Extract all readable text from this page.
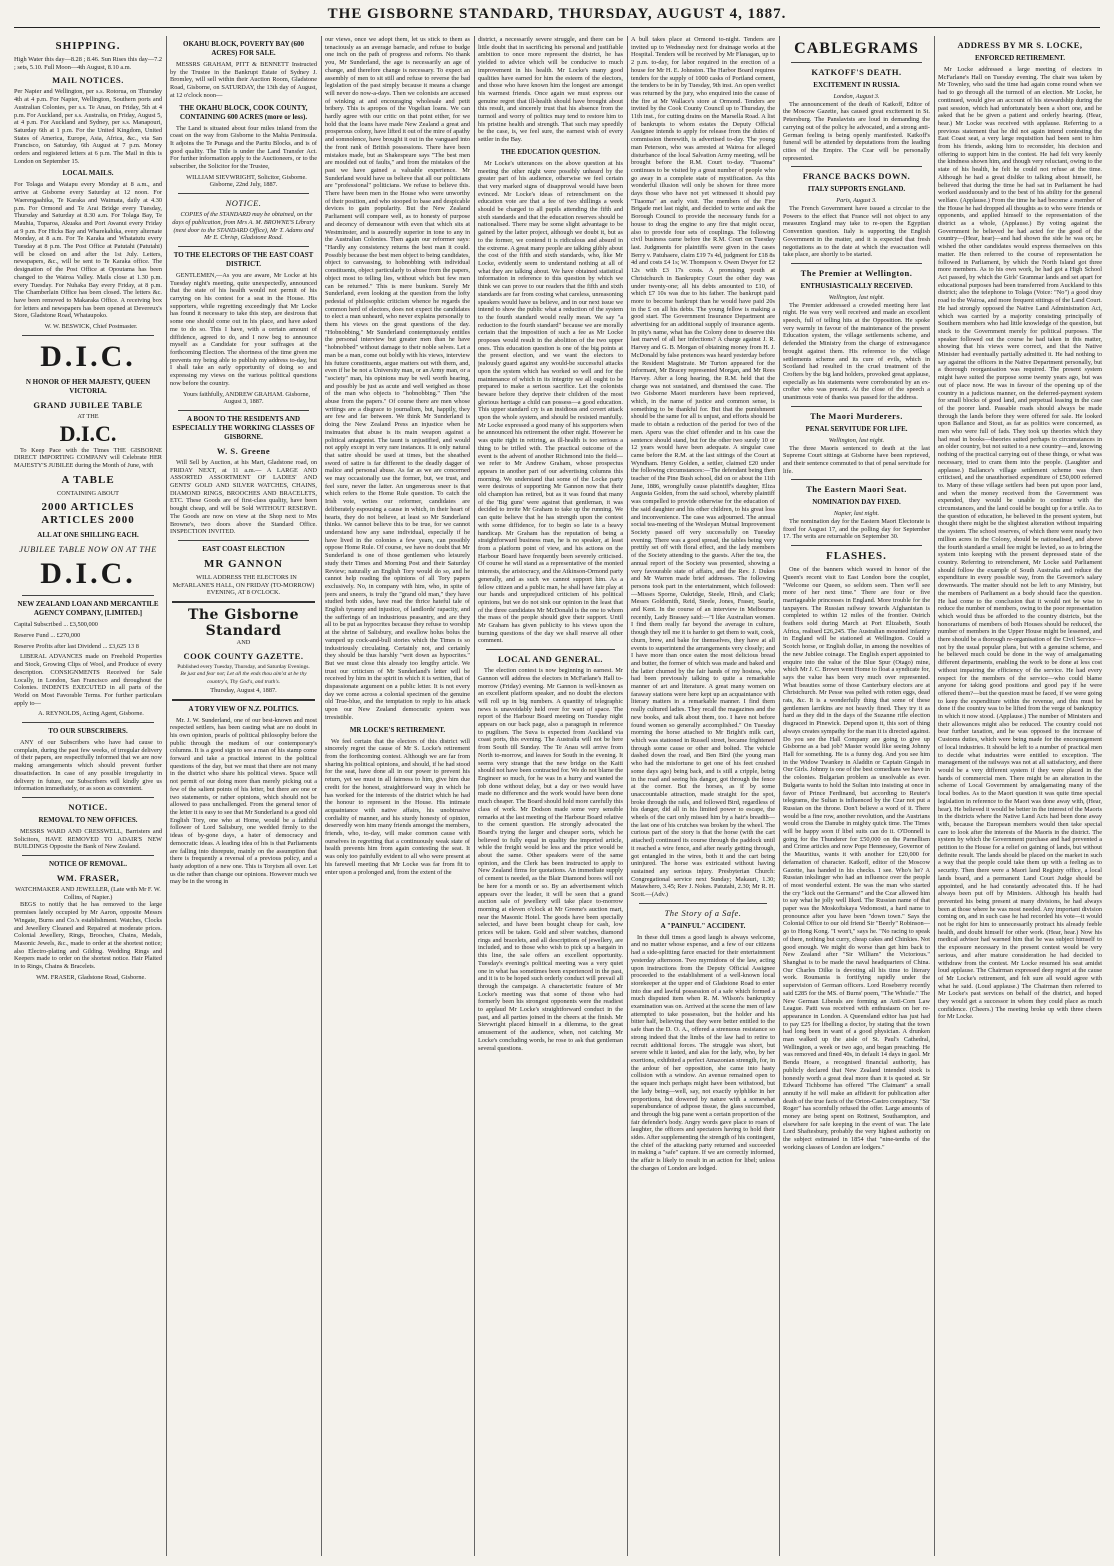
THE GISBORNE STANDARD, THURSDAY, AUGUST 4, 1887.
SHIPPING.

High Water this day—8.28 ; 8.46. Sun Rises this day—7.2 ; sets, 5.10. Full Moon—4th August, 8.10 a.m.

MAIL NOTICES.

Per Napier and Wellington, per s.s. Rotorua, on Thursday 4th at 4 p.m. For Napier, Wellington, Southern ports and Australian Colonies, per s.s. Te Anau, on Friday, 5th at 4 p.m. For Auckland, per s.s. Australia, on Friday, August 5, at 4 p.m. For Auckland and Sydney, per s.s. Manapouri, Saturday 6th at 1 p.m. For the United Kingdom, United States of America, Europe, Asia, Africa, &c., via San Francisco, on Saturday, 6th August at 7 p.m. Money orders and registered letters at 6 p.m. The Mail in this is London on September 15.

LOCAL MAILS.

For Tolaga and Waiapu every Monday at 8 a.m., and arrive at Gisborne every Saturday at 12 noon. For Waerengaahika, Te Karaka and Waimata, daily at 4.30 p.m. For Ormond and Te Arai Bridge every Tuesday, Thursday and Saturday at 8.30 a.m. For Tolaga Bay, Te Mauhia, Tuparoa, Akuaka and Port Awanui every Friday at 9 p.m. For Hicks Bay and Wharekahika, every alternate Monday, at 8 a.m. For Te Karaka and Whatatutu every Tuesday at 8 p.m. The Post Office at Patutahi (Patutahi) will be closed on and after the 1st July. Letters, newspapers, &c., will be sent to Te Karaka office. The designation of the Post Office at Opoutama has been changed to the Wairoa Valley. Mails close at 1.30 p.m. every Tuesday. For Nuhaka Bay every Friday, at 8 p.m. The Chamberlain Office has been closed. The letters &c. have been removed to Makaraka Office. A receiving box for letters and newspapers has been opened at Devereux's Store, Gladstone Road, Whataupoko.

W. W. BESWICK, Chief Postmaster.

D.I.C.
N HONOR OF HER MAJESTY, QUEEN VICTORIA.
GRAND JUBILEE TABLE
AT THE
D.I.C.

To Keep Pace with the Times THE GISBORNE DIRECT IMPORTING COMPANY will Celebrate HER MAJESTY'S JUBILEE during the Month of June, with

A TABLE
CONTAINING ABOUT
2000 ARTICLES ARTICLES 2000
ALL AT ONE SHILLING EACH.
JUBILEE TABLE NOW ON AT THE
D.I.C.
NEW ZEALAND LOAN AND MERCANTILE AGENCY COMPANY, [LIMITED.]

Capital Subscribed ... £3,500,000

Reserve Fund ... £270,000

Reserve Profits after last Dividend ... £3,625 13 8

LIBERAL ADVANCES made on Freehold Properties and Stock, Growing Clips of Wool, and Produce of every description. CONSIGNMENTS Received for Sale Locally, in London, San Francisco and throughout the Colonies. INDENTS EXECUTED in all parts of the World on Most Favorable Terms. For further particulars apply to—

A. REYNOLDS, Acting Agent, Gisborne.

TO OUR SUBSCRIBERS.

ANY of our Subscribers who have had cause to complain, during the past few weeks, of irregular delivery of their papers, are respectfully informed that we are now making arrangements which should prevent further dissatisfaction. In case of any possible irregularity in delivery in future, our Subscribers will kindly give us information immediately, or as soon as convenient.

NOTICE.
REMOVAL TO NEW OFFICES.

MESSRS WARD AND CRESSWELL, Barristers and Solicitors, HAVE REMOVED TO ADAIR'S NEW BUILDINGS Opposite the Bank of New Zealand.

NOTICE OF REMOVAL.
WM. FRASER,
WATCHMAKER AND JEWELLER, (Late with Mr F. W. Collins, of Napier.)

BEGS to notify that he has removed to the large premises lately occupied by Mr Aaron, opposite Messrs Wingate, Burns and Co.'s establishment. Watches, Clocks and Jewellery Cleaned and Repaired at moderate prices. Colonial Jewellery, Rings, Brooches, Chains, Medals, Masonic Jewels, &c., made to order at the shortest notice; also Electro-plating and Gilding. Wedding Rings and Keepers made to order on the shortest notice. Hair Plaited in to Rings, Chains & Bracelets.

WM. FRASER, Gladstone Road, Gisborne.

OKAHU BLOCK, POVERTY BAY (600 ACRES) FOR SALE.

MESSRS GRAHAM, PITT & BENNETT Instructed by the Trustee in the Bankrupt Estate of Sydney J. Bromley, will sell within their Auction Room, Gladstone Road, Gisborne, on SATURDAY, the 13th day of August, at 12 o'clock noon—

THE OKAHU BLOCK, COOK COUNTY, CONTAINING 600 ACRES (more or less).

The Land is situated about four miles inland from the coast on the way from Gisborne to the Mahia Peninsula. It adjoins the Te Punaga and the Paritu Blocks, and is of good quality. The Title is under the Land Transfer Act. For further information apply to the Auctioneers, or to the subscriber, the Solicitor for the Trustee,

WILLIAM SIEVWRIGHT, Solicitor, Gisborne. Gisborne, 22nd July, 1887.

NOTICE.

COPIES of the STANDARD may be obtained, on the days of publication, from Mrs A. M. BROWNE'S Library (next door to the STANDARD Office), Mr T. Adams and Mr E. Chrisp, Gladstone Road.

TO THE ELECTORS OF THE EAST COAST DISTRICT.

GENTLEMEN,—As you are aware, Mr Locke at his Tuesday night's meeting, quite unexpectedly, announced that the state of his health would not permit of his carrying on his contest for a seat in the House. His supporters, while regretting exceedingly that Mr Locke has found it necessary to take this step, are desirous that some one should come out in his place, and have asked me to do so. This I have, with a certain amount of diffidence, agreed to do, and I now beg to announce myself as a Candidate for your suffrages at the forthcoming Election. The shortness of the time given me prevents my being able to publish my address to-day, but I shall take an early opportunity of doing so and expressing my views on the various political questions now before the country.

Yours faithfully, ANDREW GRAHAM. Gisborne, August 3, 1887.

A BOON TO THE RESIDENTS AND ESPECIALLY THE WORKING CLASSES OF GISBORNE.
W. S. Greene

Will Sell by Auction, at his Mart, Gladstone road, on FRIDAY NEXT, at 11 a.m.— A LARGE AND ASSORTED ASSORTMENT OF LADIES' AND GENTS' GOLD AND SILVER WATCHES, CHAINS, DIAMOND RINGS, BROOCHES AND BRACELETS, ETC. These Goods are of first-class quality, have been bought cheap, and will be Sold WITHOUT RESERVE. The Goods are now on view at the Shop next to Mrs Browne's, two doors above the Standard Office. INSPECTION INVITED.

EAST COAST ELECTION
MR GANNON

WILL ADDRESS THE ELECTORS IN McFARLANE'S HALL, ON FRIDAY (TO-MORROW) EVENING, AT 8 O'CLOCK.

The Gisborne Standard
AND
COOK COUNTY GAZETTE.
Published every Tuesday, Thursday, and Saturday Evenings.
Be just and fear not; Let all the ends thou aim'st at be thy country's, Thy God's, and truth's.
Thursday, August 4, 1887.
A TORY VIEW OF N.Z. POLITICS.

Mr. J. W. Sunderland, one of our best-known and most respected settlers, has been casting what are no doubt in his own opinion, pearls of political philosophy before the public through the medium of our contemporary's columns. It is a good sign to see a man of his stamp come forward and take a practical interest in the political questions of the day, but we must that there are not many in the district who share his political views. Space will not permit of our doing more than merely picking out a few of the salient points of his letter, but there are one or two statements, or rather opinions, which should not be allowed to pass unchallenged. From the general tenor of the letter it is easy to see that Mr Sunderland is a good old English Tory, one who at Home, would be a faithful follower of Lord Salisbury, one wedded firmly to the ideas of by-gone days, a hater of democracy and democratic ideas. A leading idea of his is that Parliaments are falling into disrepute, mainly on the assumption that there is frequently a reversal of a previous policy, and a hasty adoption of a new one. This is Toryism all over. Let us die rather than change our opinions. However much we may be in the wrong in

our views, once we adopt them, let us stick to them as tenaciously as an average barnacle, and refuse to budge one inch on the path of progress and reform. No thank you, Mr Sunderland, the age is necessarily an age of change, and therefore change is necessary. To expect an assembly of men to sit still and refuse to reverse the bad legislation of the past simply because it means a change will never do now-a-days. Then we colonists are accused of winking at and encouraging wholesale and petit bribery. This is apropos of the Vogelian loans. We can hardly agree with our critic on that point either, for we hold that the loans have made New Zealand a great and prosperous colony, have lifted it out of the mire of apathy and somnolence, have brought it out in the vanguard into the front rank of British possessions. There have been mistakes made, but as Shakespeare says "The best men are moulded out of faults," and from the mistakes of the past we have gained a valuable experience. Mr Sunderland would have us believe that all our politicians are "professional" politicians. We refuse to believe this. There have been men in the House who were unworthy of their position, and who stooped to base and despicable devices to gain popularity. But the New Zealand Parliament will compare well, as to honesty of purpose and decency of demeanour with even that which sits at Westminster, and is assuredly superior in tone to any in the Australian Colonies. Then again our reformer says: "Hardly any consistency returns the best man it could. Possibly because the best men object to being candidates, object to canvassing, to hobnobbing with individual constituents, object particularly to abuse from the papers, object most to telling lies, without which but few men can be returned." This is mere bunkum. Surely Mr Sunderland, even looking at the question from the lofty pedestal of philosophic criticism whence he regards the common herd of electors, does not expect the candidates to elect a man unheard, who never explains personally to them his views on the great questions of the day. "Hobnobbing," Mr Sunderland contemptuously entitles the personal interview but greater men than he have "hobnobbed" without damage to their noble selves. Let a man be a man, come out boldly with his views, interview his future constituents, argue matters out with them, and, even if he be not a University man, or an Army man, or a "society" man, his opinions may be well worth hearing, and possibly be just as acute and well weighed as those of the man who objects to "hobnobbing." Then "the abuse from the papers." Of course there are men whose writings are a disgrace to journalism, but, happily, they are few and far between. We think Mr Sunderland is doing the New Zealand Press an injustice when he insinuates that abuse is its main weapon against a political antagonist. The taunt is unjustified, and would not apply except in very rare instances. It is only natural that satire should be used at times, but the sheathed sword of satire is far different to the deadly dagger of malice and personal abuse. As far as we are concerned we may occasionally use the former, but, we trust, and feel sure, never the latter. An ungenerous sneer is that which refers to the Home Rule question. To catch the Irish vote, writes our reformer, candidates are deliberately espousing a cause in which, in their heart of hearts, they do not believe, at least so Mr Sunderland thinks. We cannot believe this to be true, for we cannot understand how any sane individual, especially if he have lived in the colonies a few years, can possibly oppose Home Rule. Of course, we have no doubt that Mr Sunderland is one of those gentlemen who leisurely study their Times and Morning Post and their Saturday Review; naturally an English Tory would do so, and he cannot help reading the opinions of all Tory papers exclusively. No, in company with him, who, in spite of jeers and sneers, is truly the "grand old man," they have studied both sides, have read the thrice hateful tale of English tyranny and injustice, of landlords' rapacity, and the sufferings of an industrious peasantry, and are they all to be put as hypocrites because they refuse to worship at the shrine of Salisbury, and swallow holus bolus the vamped up cock-and-bull stories which the Times is so industriously circulating. Certainly not, and certainly they should be thus harshly "writ down as hypocrites." But we must close this already too lengthy article. We trust our criticism of Mr Sunderland's letter will be received by him in the spirit in which it is written, that of dispassionate argument on a public letter. It is not every day we come across a colonial specimen of the genuine old True-blue, and the temptation to reply to his attack upon our New Zealand democratic system was irresistible.

MR LOCKE'S RETIREMENT.

We feel certain that the electors of this district will sincerely regret the cause of Mr S. Locke's retirement from the forthcoming contest. Although we are far from sharing his political opinions, and should, if he had stood for the seat, have done all in our power to prevent his return, yet we must in all fairness to him, give him due credit for the honest, straightforward way in which he has worked for the interests of the district which he had the honour to represent in the House. His intimate acquaintance with native affairs, his unobtrusive cordiality of manner, and his sturdy honesty of opinion, deservedly won him many friends amongst the members, friends, who, to-day, will make common cause with ourselves in regretting that a continuously weak state of health prevents him from again contesting the seat. It was only too painfully evident to all who were present at his farewell meeting that Mr Locke was far from fit to enter upon a prolonged and, from the extent of the

district, a necessarily severe struggle, and there can be little doubt that in sacrificing his personal and justifiable ambition to once more represent the district, he has yielded to advice which will be conducive to much improvement in his health. Mr Locke's many good qualities have earned for him the esteem of the electors, and those who have known him the longest are amongst his warmest friends. Once again we must express our genuine regret that ill-health should have brought about this result, and sincerely trust that his absence from the turmoil and worry of politics may tend to restore him to his pristine health and strength. That such may speedily be the case, is, we feel sure, the earnest wish of every settler in the Bay.

THE EDUCATION QUESTION.

Mr Locke's utterances on the above question at his meeting the other night were possibly unheard by the greater part of his audience, otherwise we feel certain that very marked signs of disapproval would have been evinced. Mr Locke's ideas of retrenchment on the education vote are that a fee of two shillings a week should be charged to all pupils attending the fifth and sixth standards and that the education reserves should be nationalised. There may be some slight advantage to be gained by the latter project, although we doubt it, but as to the former, we contend it is ridiculous and absurd in the extreme. A great many people are talking glibly about the cost of the fifth and sixth standards, who, like Mr Locke, evidently seem to understand nothing at all of what they are talking about. We have obtained statistical information in reference to this question by which we think we can prove to our readers that the fifth and sixth standards are far from costing what careless, unreasoning speakers would have us believe, and in our next issue we intend to show the public what a reduction of the system to the fourth standard would really mean. We say "a reduction to the fourth standard" because we are morally certain that the imposition of such a fee as Mr Locke proposes would result in the abolition of the two upper ones. This education question is one of the big points at the present election, and we want the electors to jealously guard against any would-be successful attacks upon the system which has worked so well and for the maintenance of which in its integrity we all ought to be prepared to make a serious sacrifice. Let the colonists beware before they deprive their children of the most glorious heritage a child can possess—a good education. This upper standard cry is an insidious and covert attack upon the whole system, and should be resisted manfully. Mr Locke expressed a good many of his supporters when he announced his retirement the other night. However he was quite right in retiring, as ill-health is too serious a thing to be trifled with. The practical outcome of the event is the advent of another Richmond into the field—we refer to Mr Andrew Graham, whose prospectus appears in another part of our advertising columns this morning. We understand that some of the Locke party were desirous of supporting Mr Gannon now that their old champion has retired, but as it was found that many of the 'Big guns' were against that gentleman, it was decided to invite Mr Graham to take up the running. We can quite believe that he has strength upon the contest with some diffidence, for to begin so late is a heavy handicap. Mr Graham has the reputation of being a straightforward business man, he is no speaker, at least from a platform point of view, and his actions on the Harbour Board have frequently been severely criticised. Of course he will stand as a representative of the monied interests, the aristocracy, and the Atkinson-Ormond party generally, and as such we cannot support him. As a fellow citizen and a public man, he shall have fair play at our hands and unprejudiced criticism of his political opinions, but we do not sink our opinion in the least that of the three candidates Mr McDonald is the one to whom the mass of the people should give their support. Until Mr Graham has given publicity to his views upon the burning questions of the day we shall reserve all other comment.

LOCAL AND GENERAL.

The election contest is now beginning in earnest. Mr Gannon will address the electors in McFarlane's Hall to-morrow (Friday) evening. Mr Gannon is well-known as an excellent platform speaker, and no doubt the electors will roll up in big numbers. A quantity of telegraphic news is unavoidably held over for want of space. The report of the Harbour Board meeting on Tuesday night appears on our back page, also a paragraph in reference to pugilism. The Suva is expected from Auckland via coast ports, this evening. The Australia will not be here from South till Sunday. The Te Anau will arrive from North to-morrow, and leaves for South in the evening. It seems very strange that the new bridge on the Kaiti should not have been contracted for. We do not blame the Engineer so much, for he was in a hurry and wanted the job done without delay, but a day or two would have made no difference and the work would have been done much cheaper. The Board should hold more carefully this class of work. Mr Dodson made some very sensible remarks at the last meeting of the Harbour Board relative to the cement question. He strongly advocated the Board's trying the larger and cheaper sorts, which he believed to fully equal in quality the imported article, while the freight would be less and the price would be about the same. Other speakers were of the same opinion, and the Clerk has been instructed to apply to New Zealand firms for quotations. An immediate supply of cement is needed, as the Blair Diamond bores will not be here for a month or so. By an advertisement which appears over the leader, it will be seen that a grand auction sale of jewellery will take place to-morrow morning at eleven o'clock at Mr Greene's auction mart, near the Masonic Hotel. The goods have been specially selected, and have been bought cheap for cash, low prices will be taken. Gold and silver watches, diamond rings and bracelets, and all descriptions of jewellery, are included, and to those who wish to pick up a bargain in this line, the sale offers an excellent opportunity. Tuesday's evening's political meeting was a very quiet one in what has sometimes been experienced in the past, and it is to be hoped such orderly conduct will prevail all through the campaign. A characteristic feature of Mr Locke's meeting was that some of those who had formerly been his strongest opponents were the readiest to applaud Mr Locke's straightforward conduct in the past, and all parties joined in the cheers at the finish. Mr Sievwright placed himself in a dilemma, to the great amusement of the audience, when, not catching Mr Locke's concluding words, he rose to ask that gentleman several questions.

A bull takes place at Ormond to-night. Tenders are invited up to Wednesday next for drainage works at the Hospital. Tenders will be received by Mr Flanagan, up to 2 p.m. to-day, for labor required in the erection of a house for Mr H. E. Johnston. The Harbor Board requires tenders for the supply of 1000 casks of Portland cement, the tenders to be in by Tuesday, 9th inst. An open verdict was returned by the jury, who enquired into the cause of the fire at Mr Wallace's store at Ormond. Tenders are invited by the Cook County Council up to Thursday, the 11th inst., for cutting drains on the Marsella Road. A list of bankrupts to whom estates the Deputy Official Assignee intends to apply for release from the duties of commission therewith, is advertised to-day. The young man Peterson, who was arrested at Wairoa for alleged disturbance of the local Salvation Army meeting, will be brought before the R.M. Court to-day. "Tuaoma" continues to be visited by a great number of people who go away in a complete state of mystification. As this wonderful illusion will only be shown for three more days those who have not yet witnessed it should pay "Tuaoma" an early visit. The members of the Fire Brigade met last night, and decided to write and ask the Borough Council to provide the necessary funds for a house to drag the engine to any fire that might occur, also to provide four sets of couplings. The following civil business came before the R.M. Court on Tuesday last. Judgments for plaintiffs were given in the cases Berry v. Patuhaere, claim £19 7s 4d, judgment for £18 8s 4d and costs £4 1s; W. Thompson v. Owen Dwyer for £2 12s with £3 17s costs. A promising youth at Christchurch in Bankruptcy Court the other day was under twenty-one; all his debts amounted to £10, of which £7 10s was due to his father. The bankrupt paid more to become bankrupt than he would have paid 20s in the £ on all his debts. The young fellow is making a good start. The Government Insurance Department are advertising for an additional supply of insurance agents. In pity's name, what has the Colony done to deserve this last marvel of all her infections? A charge against J. R. Harvey and G. B. Morgan of obtaining money from H. J. McDonald by false pretences was heard yesterday before the Resident Magistrate. Mr Turton appeared for the informant, Mr Bracey represented Morgan, and Mr Rees Harvey. After a long hearing, the R.M. held that the charge was not sustained, and dismissed the case. The two Gisborne Maori murderers have been reprieved, which, in the name of justice and common sense, is something to be thankful for. But that the punishment should be the same for all is unjust, and efforts should be made to obtain a reduction of the period for two of the men. Aperu was the chief offender and in his case the sentence should stand, but for the other two surely 10 or 12 years would have been adequate. A singular case came before the R.M. at the last sittings of the Court at Wyndham. Henry Golden, a settler, claimed £20 under the following circumstances:—The defendant being then teacher of the Pine Bush school, did on or about the 11th June, 1886, wrongfully cause plaintiff's daughter, Eliza Augusta Golden, from the said school, whereby plaintiff was compelled to provide otherwise for the education of the said daughter and his other children, to his great loss and inconvenience. The case was adjourned. The annual social tea-meeting of the Wesleyan Mutual Improvement Society passed off very successfully on Tuesday evening. There was a good spread, the tables being very prettily set off with floral effect, and the lady members of the Society attending to the guests. After the tea, the annual report of the Society was presented, showing a very favourable state of affairs, and the Rev. J. Dukes and Mr Warren made brief addresses. The following persons took part in the entertainment, which followed:—Misses Sporne, Oakridge, Steele, Hirsh, and Clark; Messrs Goldsmith, Reid, Steele, Jones, Fraser, Searle, and Kent. In the course of an interview in Melbourne recently, Lady Brassey said:—"I like Australian women. I find them really far beyond the average in culture, though they tell me it is harder to get them to wait, cook, churn, brew, and bake for themselves, they have at all events to superintend the arrangements very closely; and I have more than once eaten the most delicious bread and butter, the former of which was made and baked and the latter churned by the fair hands of my hostess, who had been previously talking to quite a remarkable manner of art and literature. A great many women on faraway stations were here kept up an acquaintance with literary matters in a remarkable manner. I find them really cultured ladies. They recall the magazines and the new books, and talk about them, too. I have not before found women so generally accomplished." On Tuesday morning the horse attached to Mr Bright's milk cart, which was stationed in Russell street, became frightened through some cause or other and bolted. The vehicle dashed down the road, and Ben Bird (the young man who had the misfortune to get one of his feet crushed some days ago) being back, and is still a cripple, being in the road and seeing his danger, got through the fence at the corner. But the horses, as if by some unaccountable attraction, made straight for the spot, broke through the rails, and followed Bird, regardless of his danger, did all in his limited power to escape, the wheels of the cart only missed him by a hair's breadth—the last one of his crutches was broken by the wheel. The curious part of the story is that the horse (with the cart attached) continued its course through the paddock until it reached a wire fence, and after nearly getting through, got entangled in the wires, both it and the cart being uninjured. The horse was extricated without having sustained any serious injury. Presbyterian Church: Congregational service next Sunday; Makauri, 1.30; Matawhero, 3.45; Rev J. Nokes. Patutahi, 2.30; Mr R. H. Scott.—(Adv.)

The Story of a Safe.
A "PAINFUL" ACCIDENT.

In these dull times a good laugh is always welcome, and no matter whose expense, and a few of our citizens had a side-splitting farce enacted for their entertainment yesterday afternoon. Two myrmidons of the law, acting upon instructions from the Deputy Official Assignee proceeded to the establishment of a well-known local storekeeper at the upper end of Gladstone Road to enter into due and lawful possession of a safe which formed a much disputed item when R. M. Wilson's bankruptcy examination was on. Arrived at the scene the men of law attempted to take possession, but the holder and his bitter half, believing that they were better entitled to the safe than the D. O. A., offered a strenuous resistance so strong indeed that the limbs of the law had to retire to recruit additional forces. The struggle was short, but severe while it lasted, and alas for the lady, who, by her exertions, exhibited a perfect Amazonian strength, for, in the ardour of her opposition, she came into hasty collision with a window. An avenue remained open to the square inch perhaps might have been withstood, but the lady being—well, say, not exactly sylphlike in her proportions, but dowered by nature with a somewhat superabundance of adipose tissue, the glass succumbed, and through the big pane went a certain proportion of the fair defender's body. Angry words gave place to roars of laughter, the officers and spectators having to hold their sides. After supplementing the strength of his contingent, the chief of the attacking party returned and succeeded in making a "safe" capture. If we are correctly informed, the affair is likely to result in an action for libel; unless the charges of London are lodged.

CABLEGRAMS
KATKOFF'S DEATH.
EXCITEMENT IN RUSSIA.
London, August 3.

The announcement of the death of Katkoff, Editor of the Moscow Gazette, has caused great excitement in St. Petersburg. The Panslavists are loud in demanding the carrying out of the policy he advocated, and a strong anti-German feeling is being openly manifested. Katkoff's funeral will be attended by deputations from the leading cities of the Empire. The Czar will be personally represented.

FRANCE BACKS DOWN.
ITALY SUPPORTS ENGLAND.
Paris, August 3.

The French Government have issued a circular to the Powers to the effect that France will not object to any measures England may take to re-open the Egyptian Convention question. Italy is supporting the English Government in the matter, and it is expected that fresh negotiations as to the date at which the evacuation will take place, are shortly to be started.

The Premier at Wellington.
ENTHUSIASTICALLY RECEIVED.
Wellington, last night.

The Premier addressed a crowded meeting here last night. He was very well received and made an excellent speech, full of telling hits at the Opposition. He spoke very warmly in favour of the maintenance of the present Education system, the village settlements scheme, and defended the Ministry from the charge of extravagance brought against them. His reference to the village settlements scheme and its cure of evils, which in Scotland had resulted in the cruel treatment of the Crofters by the big land holders, provoked great applause, especially as his statements were corroborated by an ex-crofter who was present. At the close of the speech a unanimous vote of thanks was passed for the address.

The Maori Murderers.
PENAL SERVITUDE FOR LIFE.
Wellington, last night.

The three Maoris sentenced to death at the last Supreme Court sittings at Gisborne have been reprieved, and their sentence commuted to that of penal servitude for life.

The Eastern Maori Seat.
NOMINATION DAY FIXED.
Napier, last night.

The nomination day for the Eastern Maori Electorate is fixed for August 17, and the polling day for September 17. The writs are returnable on September 30.

FLASHES.

One of the banners which waved in honor of the Queen's recent visit to East London bore the couplet, "Welcome our Queen, so seldom seen. Then we'll see more of her next time." There are four or five marriageable princesses in England. More trouble for the taxpayers. The Russian railway towards Afghanistan is completed to within 12 miles of the frontier. Ostrich feathers sold during March at Port Elizabeth, South Africa, realised £26,245. The Australian mounted infantry in England will be stationed at Wellington. Could a Scotch horse, or English dollar, in among the novelties of the new Jubilee coinage. The English expert appointed to enquire into the value of the Blue Spur (Otago) mine, which Mr J. C. Brown went Home to float a syndicate for, says the value has been very much over represented. What beauties some of those Canterbury electors are at Christchurch. Mr Pesse was pelted with rotten eggs, dead rats, &c. It is a wonderfully thing that some of these gentlemen larrikins are not heavily fined. They try it as hard as they did in the days of the Suzanne rifle election disgraced in Pinewick. Depend upon it, this sort of thing always creates sympathy for the man it is directed against. Do you see the Hall Company are going to give up Gisborne as a bad job? Master would like seeing Johnny Hall for something. He is a funny dog. And you see him in the Widow Twankey in Aladdin or Captain Gingah in Our Girls. Johnny is one of the best comedians we have in the colonies. Bulgarian problem as unsolvable as ever. Bulgaria wants to hold the Sultan into insisting at once in favor of Prince Ferdinand, but according to Reuter's telegrams, the Sultan is influenced by the Czar not put a Russian on the throne. Don't believe a word of it. There would be a fine row, another revolution, and the Austrians would cross the Danube in mighty quick time. The Times will be happy soon if libel suits can do it. O'Donnell is going for the Thunderer for £50,000 on the Parnellism and Crime articles and now Pope Hennessey, Governor of the Mauritius, wants it with another for £20,000 for defamation of character. Katkoff, editor of the Moscow Gazette, has handed in his checks. I see. Who's he? A Russian inkslinger who had an influence over the people of most wonderful extent. He was the man who started the cry "kick out the Germans!" and the Czar allowed him to say what he jolly well liked. The Russian name of that paper was the Moskoftskaya Vedomosti, a hard name to pronounce after you have been "down town." Says the Colonial Office to our old friend Sir "Beerly" Robinson—go to Hong Kong. "I won't," says he. "No racing to speak of there, nothing but curry, cheap cakes and Chinkies. Not good enough. We might do worse than get him back to New Zealand after "Sir William" the Victorious." Shanghai is to be made the naval headquarters of China. Our Charles Dilke is devoting all his time to literary work. Roumania is fortifying rapidly under the supervision of German officers. Lord Roseberry recently said £285 for the MS. of Burns' poem, "The Whistle." The New German Liberals are forming an Anti-Corn Law League. Patti was received with enthusiasm on her re-appearance in London. A Queensland editor has just had to pay £25 for libelling a doctor, by stating that the town had long been in want of a good physician. A drunken man walked up the aisle of St. Paul's Cathedral, Wellington, a week or two ago, and began preaching. He was removed and fined 40s, in default 14 days in gaol. Mr Benda Hoare, a recognised financial authority, has publicly declared that New Zealand intended stock is honestly worth a great deal more than it is quoted at. Sir Edward Tichborne has offered "The Claimant" a small annuity if he will make an affidavit for publication after death of the true facts of the Orton-Castro conspiracy. "Sir Roger" has scornfully refused the offer. Large amounts of money are being spent on Rottnest, Southampton, and elsewhere for safe keeping in the event of war. The late Lord Shaftesbury, probably the very highest authority on the subject estimated in 1854 that "nine-tenths of the working classes of London are lodgers."

ADDRESS BY MR S. LOCKE,
ENFORCED RETIREMENT.

Mr Locke addressed a large meeting of electors in McFarlane's Hall on Tuesday evening. The chair was taken by Mr Townley, who said the time had again come round when we had to go through all the turmoil of an election. Mr Locke, he continued, would give an account of his stewardship during the past session, which had unfortunately been a short one, and he asked that he be given a patient and orderly hearing. (Hear, hear.) Mr Locke was received with applause. Referring to a previous statement that he did not again intend contesting the East Coast seat, a very large requisition had been sent to him from his friends, asking him to reconsider, his decision and offering to support him in the contest. He had felt very keenly the kindness shown him, and though very reluctant, owing to the state of his health, he felt he could not refuse at the time. Although he had a great dislike to talking about himself, he believed that during the time he had sat in Parliament he had worked assiduously and to the best of his ability for the general welfare. (Applause.) From the time he had become a member of the House he had dropped all thoughts as to who were friends or opponents, and applied himself to the representation of the district as a whole, (Applause.) By voting against the Government he believed he had acted for the good of the country—(Hear, hear)—and had shown the side he was on; he wished the other candidates would express themselves on this matter. He then referred to the course of representation he followed in Parliament, by which the North Island got three more members. As to his own work, he had got a High School Act passed, by which the Girls' Grammar lands and set apart for educational purposes had been transferred from Auckland to this district; also the telephone to Tolaga (Voice: "No") a good dray road to the Wairoa, and more frequent sittings of the Land Court. He had strongly opposed the Native Land Administration Act, which was carried by a majority consisting principally of Southern members who had little knowledge of the question, but stuck to the Government merely for political purposes. The speaker followed out the course he had taken in this matter, showing that his views were correct, and that the Native Minister had eventually partially admitted it. He had nothing to say against the officers in the Native Department personally, but a thorough reorganisation was required. The present system might have suited the purpose some twenty years ago, but was out of place now. He was in favour of the opening up of the country in a judicious manner, on the deferred-payment system for small blocks of good land, and perpetual leasing in the case of the poorer land. Passable roads should always be made through the lands before they were offered for sale. He looked upon Ballance and Stout, as far as politics were concerned, as men who were full of fads. They took up theories which they had read in books—theories suited perhaps to circumstances in an older country, but not suited to a new country—and, knowing nothing of the practical carrying out of these things, or what was necessary, tried to cram them into the people. (Laughter and applause.) Ballance's village settlement scheme was then criticised, and the unauthorised expenditure of £50,000 referred to. Many of these village settlers had been put upon poor land, and when the money received from the Government was expended, they would be unable to continue with the circumstances, and the land could be bought up for a trifle. As to the question of education, he believed in the present system, but thought there might be the slightest alteration without impairing the system. The school reserves, of which there were nearly two million acres in the Colony, should be nationalised, and above the fourth standard a small fee might be levied, so as to bring the system into keeping with the present depressed state of the country. Referring to retrenchment, Mr Locke said Parliament should follow the example of South Australia and reduce the expenditure in every possible way, from the Governor's salary downwards. The matter should not be left to any Ministry, but the members of Parliament as a body should face the question. He had come to the conclusion that it would not be wise to reduce the number of members, owing to the poor representation which would thus be afforded to the country districts, but the honorariums of members of both Houses should be reduced, the number of members in the Upper House might be lessened, and there should be a thorough re-organisation of the Civil Service—not by the usual popular plans, but with a genuine scheme, and he believed much could be done in the way of amalgamating different departments, enabling the work to be done at less cost without impairing the efficiency of the service. He had every respect for the members of the service—who could blame anyone for taking good positions and good pay if he were offered them?—but the question must be faced, if we were going to keep the expenditure within the revenue, and this must be done if the country was to be lifted from the verge of bankruptcy in which it now stood. (Applause.) The number of Ministers and their allowances might also be reduced. The country could not bear further taxation, and he was opposed to the increase of Customs duties, which were being made for the encouragement of local industries. It should be left to a number of practical men to decide what industries were entitled to exception. The management of the railways was not at all satisfactory, and there would be a very different system if they were placed in the hands of commercial men. There might be an alteration in the scheme of Local Government by amalgamating many of the local bodies. As to the Maori question it was quite time special legislation in reference to the Maori was done away with, (Hear, hear). He believed it would be better in the interest of the Maoris in the districts where the Native Land Acts had been done away with, because the European members would then take special care to look after the interests of the Maoris in the district. The system by which the Government purchase and had prevented a petition to the House for a relief on gaining of lands, but without definite result. The lands should be placed on the market in such a way that the people could take them up with a feeling as to security. Then there were a Maori land Registry office, a local lands board, and a permanent Land Court Judge should be appointed, and he had constantly advocated this. If he had always been put off by Ministers. Although his health had prevented his being present at many divisions, he had always been at those where he was most needed. Any important division coming on, and in such case he had recorded his vote—it would not be right for him to unnecessarily protract his already feeble health, and doubt himself for other work. (Hear, hear.) Now his medical advisor had warned him that he was subject himself to the exposure necessary in the present contest would be very serious, and after mature consideration he had decided to withdraw from the contest. Mr Locke resumed his seat amidst loud applause. The Chairman expressed deep regret at the cause of Mr Locke's retirement, and felt sure all would agree with what he said. (Loud applause.) The Chairman then referred to Mr Locke's past services on behalf of the district, and hoped they would get a successor in whom they could place as much confidence. (Cheers.) The meeting broke up with three cheers for Mr Locke.
